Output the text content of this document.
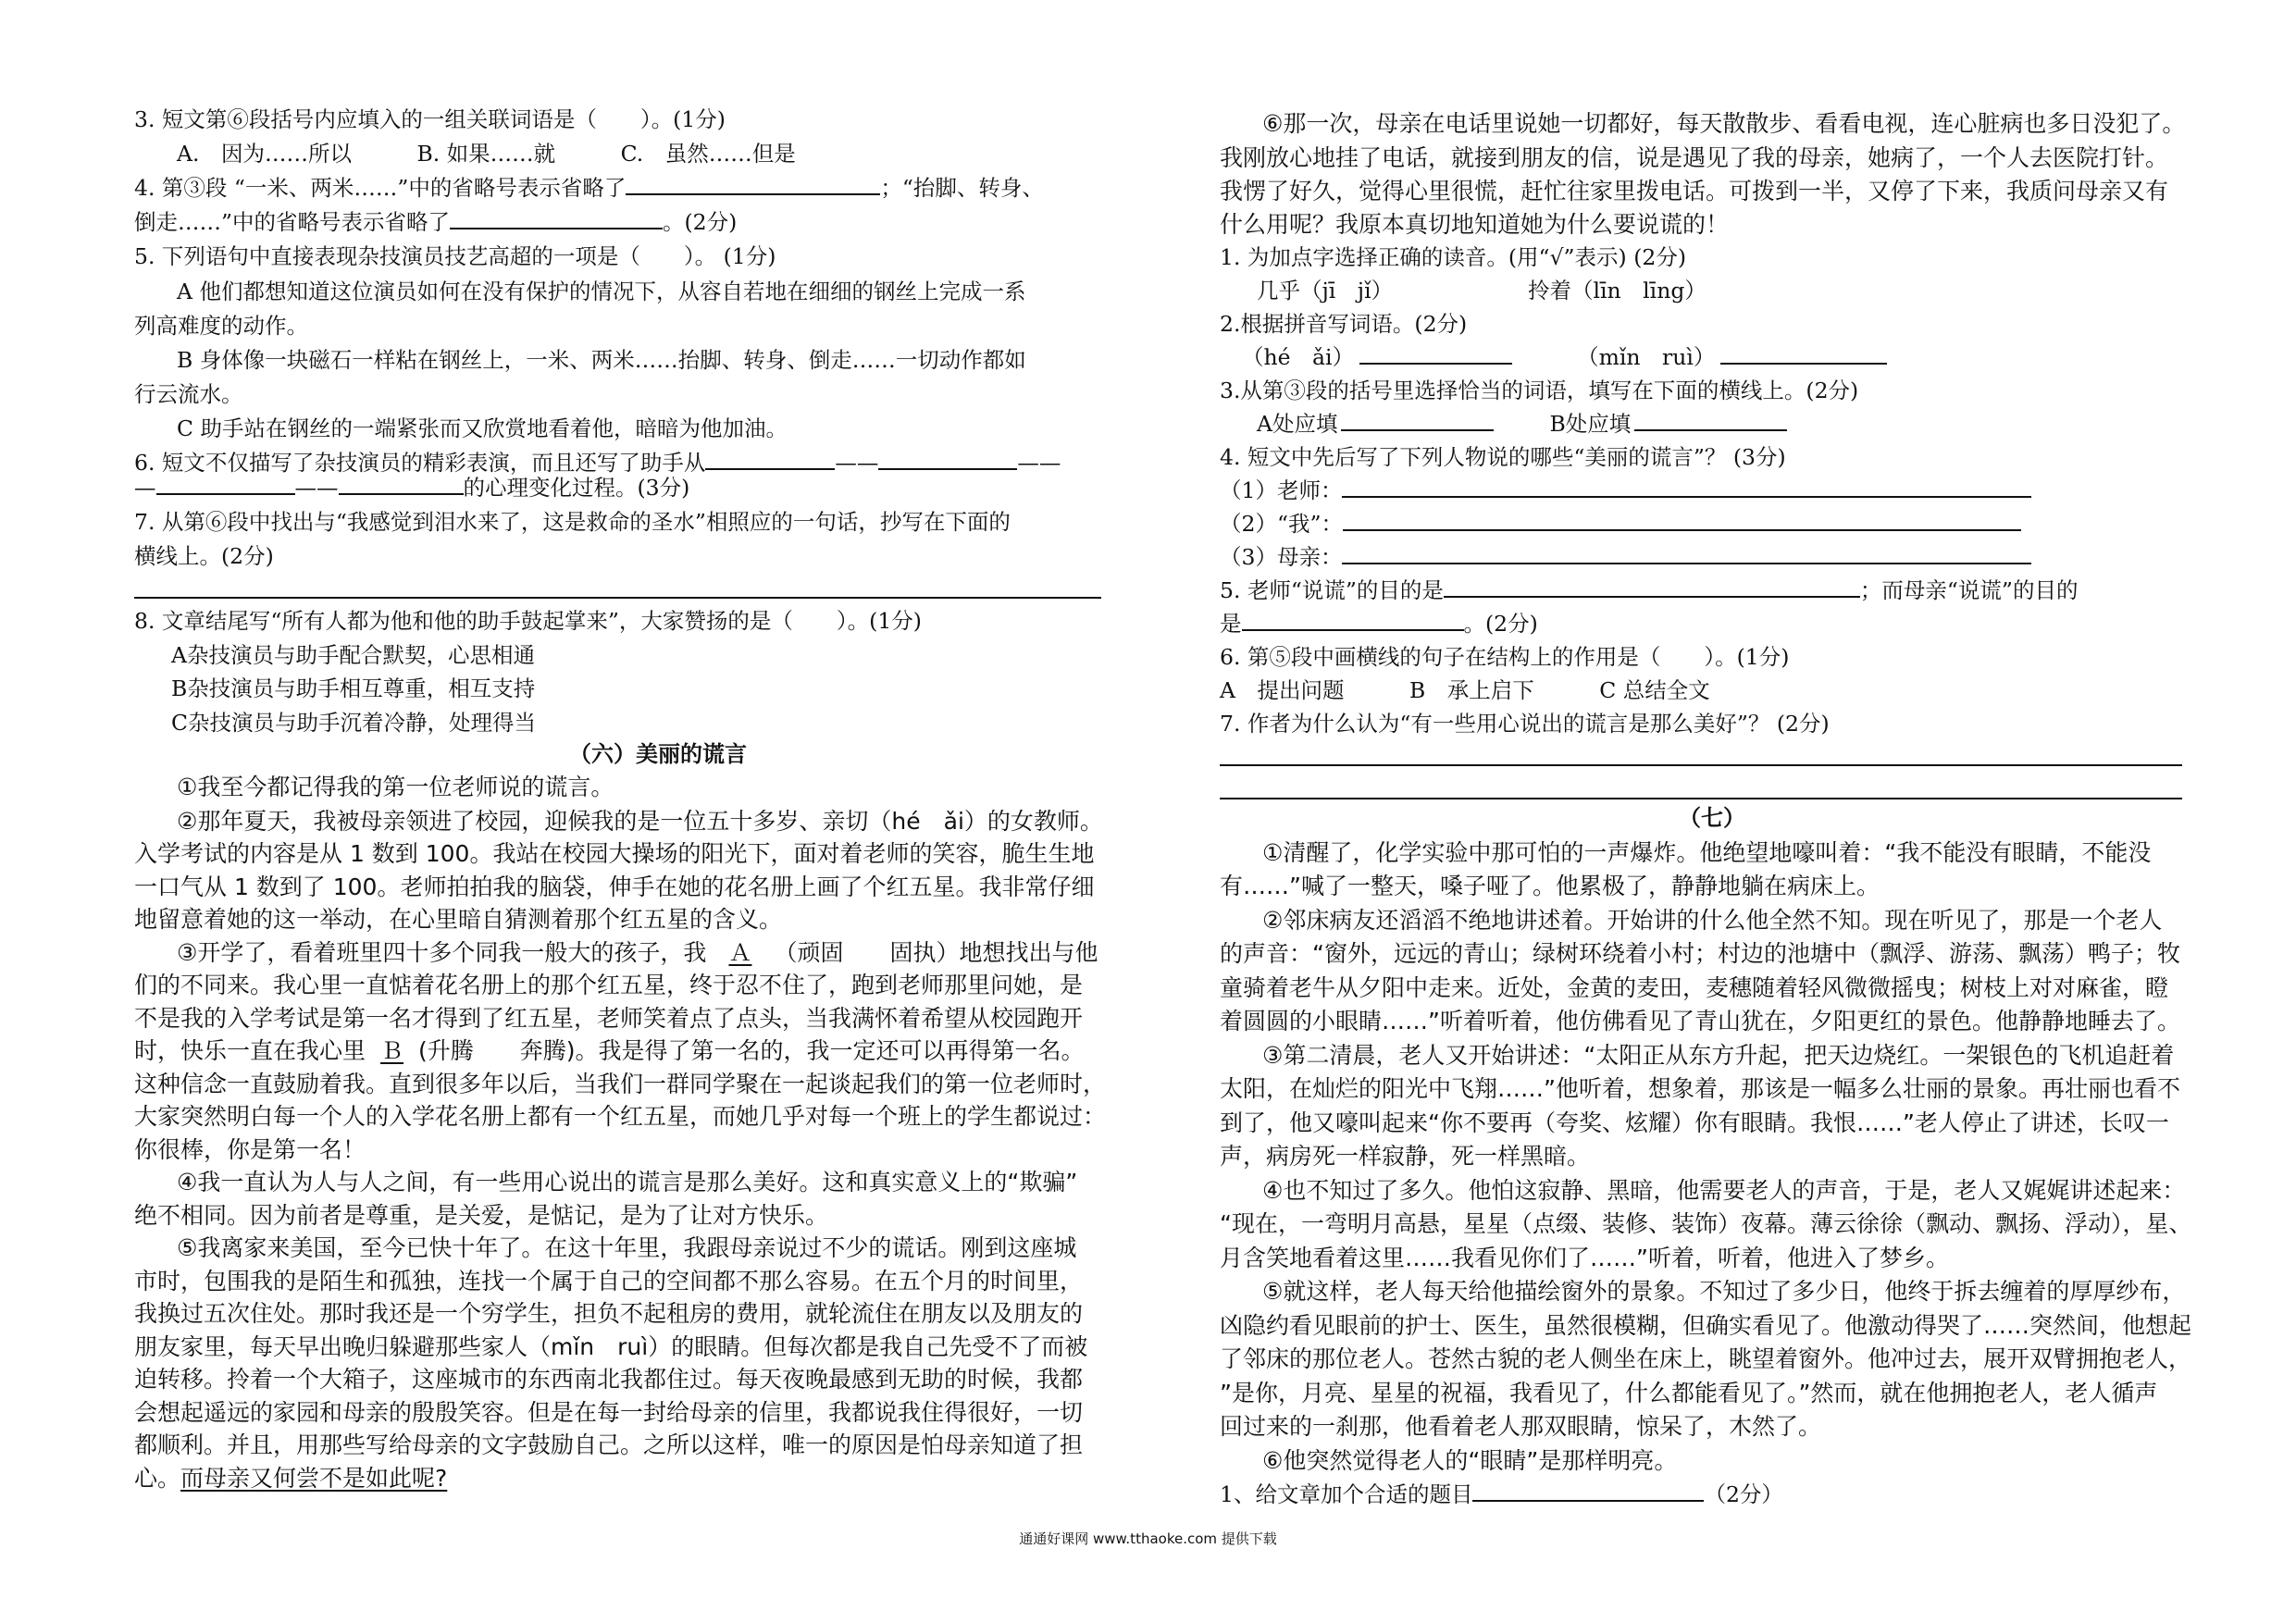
3. 短文第⑥段括号内应填入的一组关联词语是（　　）。(1分)
A.　因为……所以　　　B. 如果……就　　　C.　虽然……但是
4. 第③段 “一米、两米……”中的省略号表示省略了	；“抬脚、转身、
倒走……”中的省略号表示省略了	。(2分)
5. 下列语句中直接表现杂技演员技艺高超的一项是（　　）。 (1分)
A 他们都想知道这位演员如何在没有保护的情况下，从容自若地在细细的钢丝上完成一系
列高难度的动作。
B 身体像一块磁石一样粘在钢丝上，一米、两米……抬脚、转身、倒走……一切动作都如
行云流水。
C 助手站在钢丝的一端紧张而又欣赏地看着他，暗暗为他加油。
6. 短文不仅描写了杂技演员的精彩表演，而且还写了助手从	——	——
—	——	的心理变化过程。(3分)
7. 从第⑥段中找出与“我感觉到泪水来了，这是救命的圣水”相照应的一句话，抄写在下面的
横线上。(2分)
8. 文章结尾写“所有人都为他和他的助手鼓起掌来”，大家赞扬的是（　　）。(1分)
A杂技演员与助手配合默契，心思相通
B杂技演员与助手相互尊重，相互支持
C杂技演员与助手沉着冷静，处理得当
（六）美丽的谎言
①我至今都记得我的第一位老师说的谎言。
②那年夏天，我被母亲领进了校园，迎候我的是一位五十多岁、亲切（hé　ǎi）的女教师。
入学考试的内容是从 1 数到 100。我站在校园大操场的阳光下，面对着老师的笑容，脆生生地
一口气从 1 数到了 100。老师拍拍我的脑袋，伸手在她的花名册上画了个红五星。我非常仔细
地留意着她的这一举动，在心里暗自猜测着那个红五星的含义。
③开学了，看着班里四十多个同我一般大的孩子，我 Ａ （顽固　　固执）地想找出与他
们的不同来。我心里一直惦着花名册上的那个红五星，终于忍不住了，跑到老师那里问她，是
不是我的入学考试是第一名才得到了红五星，老师笑着点了点头，当我满怀着希望从校园跑开
时，快乐一直在我心里 Ｂ (升腾　　奔腾)。我是得了第一名的，我一定还可以再得第一名。
这种信念一直鼓励着我。直到很多年以后，当我们一群同学聚在一起谈起我们的第一位老师时，
大家突然明白每一个人的入学花名册上都有一个红五星，而她几乎对每一个班上的学生都说过：
你很棒，你是第一名！
④我一直认为人与人之间，有一些用心说出的谎言是那么美好。这和真实意义上的“欺骗”
绝不相同。因为前者是尊重，是关爱，是惦记，是为了让对方快乐。
⑤我离家来美国，至今已快十年了。在这十年里，我跟母亲说过不少的谎话。刚到这座城
市时，包围我的是陌生和孤独，连找一个属于自己的空间都不那么容易。在五个月的时间里，
我换过五次住处。那时我还是一个穷学生，担负不起租房的费用，就轮流住在朋友以及朋友的
朋友家里，每天早出晚归躲避那些家人（mǐn　ruì）的眼睛。但每次都是我自己先受不了而被
迫转移。拎着一个大箱子，这座城市的东西南北我都住过。每天夜晚最感到无助的时候，我都
会想起遥远的家园和母亲的殷殷笑容。但是在每一封给母亲的信里，我都说我住得很好，一切
都顺利。并且，用那些写给母亲的文字鼓励自己。之所以这样，唯一的原因是怕母亲知道了担
心。而母亲又何尝不是如此呢?
⑥那一次，母亲在电话里说她一切都好，每天散散步、看看电视，连心脏病也多日没犯了。
我刚放心地挂了电话，就接到朋友的信，说是遇见了我的母亲，她病了，一个人去医院打针。
我愣了好久，觉得心里很慌，赶忙往家里拨电话。可拨到一半，又停了下来，我质问母亲又有
什么用呢？我原本真切地知道她为什么要说谎的！
1. 为加点字选择正确的读音。(用“√”表示) (2分)
几乎（jī　jǐ）	拎着（līn　līng）
2.根据拼音写词语。(2分)
（hé　ǎi）	（mǐn　ruì）
3.从第③段的括号里选择恰当的词语，填写在下面的横线上。(2分)
A处应填	B处应填
4. 短文中先后写了下列人物说的哪些“美丽的谎言”？ (3分)
（1）老师：
（2）“我”：
（3）母亲：
5. 老师“说谎”的目的是	；而母亲“说谎”的目的
是	。(2分)
6. 第⑤段中画横线的句子在结构上的作用是（　　）。(1分)
A　提出问题　　　B　承上启下　　　C 总结全文
7. 作者为什么认为“有一些用心说出的谎言是那么美好”？ (2分)
（七）
①清醒了，化学实验中那可怕的一声爆炸。他绝望地嚎叫着：“我不能没有眼睛，不能没
有……”喊了一整天，嗓子哑了。他累极了，静静地躺在病床上。
②邻床病友还滔滔不绝地讲述着。开始讲的什么他全然不知。现在听见了，那是一个老人
的声音：“窗外，远远的青山；绿树环绕着小村；村边的池塘中（飘浮、游荡、飘荡）鸭子；牧
童骑着老牛从夕阳中走来。近处，金黄的麦田，麦穗随着轻风微微摇曳；树枝上对对麻雀，瞪
着圆圆的小眼睛……”听着听着，他仿佛看见了青山犹在，夕阳更红的景色。他静静地睡去了。
③第二清晨，老人又开始讲述：“太阳正从东方升起，把天边烧红。一架银色的飞机追赶着
太阳，在灿烂的阳光中飞翔……”他听着，想象着，那该是一幅多么壮丽的景象。再壮丽也看不
到了，他又嚎叫起来“你不要再（夸奖、炫耀）你有眼睛。我恨……”老人停止了讲述，长叹一
声，病房死一样寂静，死一样黑暗。
④也不知过了多久。他怕这寂静、黑暗，他需要老人的声音，于是，老人又娓娓讲述起来：
“现在，一弯明月高悬，星星（点缀、装修、装饰）夜幕。薄云徐徐（飘动、飘扬、浮动），星、
月含笑地看着这里……我看见你们了……”听着，听着，他进入了梦乡。
⑤就这样，老人每天给他描绘窗外的景象。不知过了多少日，他终于拆去缠着的厚厚纱布，
凶隐约看见眼前的护士、医生，虽然很模糊，但确实看见了。他激动得哭了……突然间，他想起
了邻床的那位老人。苍然古貌的老人侧坐在床上，眺望着窗外。他冲过去，展开双臂拥抱老人，
”是你，月亮、星星的祝福，我看见了，什么都能看见了。”然而，就在他拥抱老人，老人循声
回过来的一刹那，他看着老人那双眼睛，惊呆了，木然了。
⑥他突然觉得老人的“眼睛”是那样明亮。
1、给文章加个合适的题目	（2分）
通通好课网 www.tthaoke.com 提供下载
